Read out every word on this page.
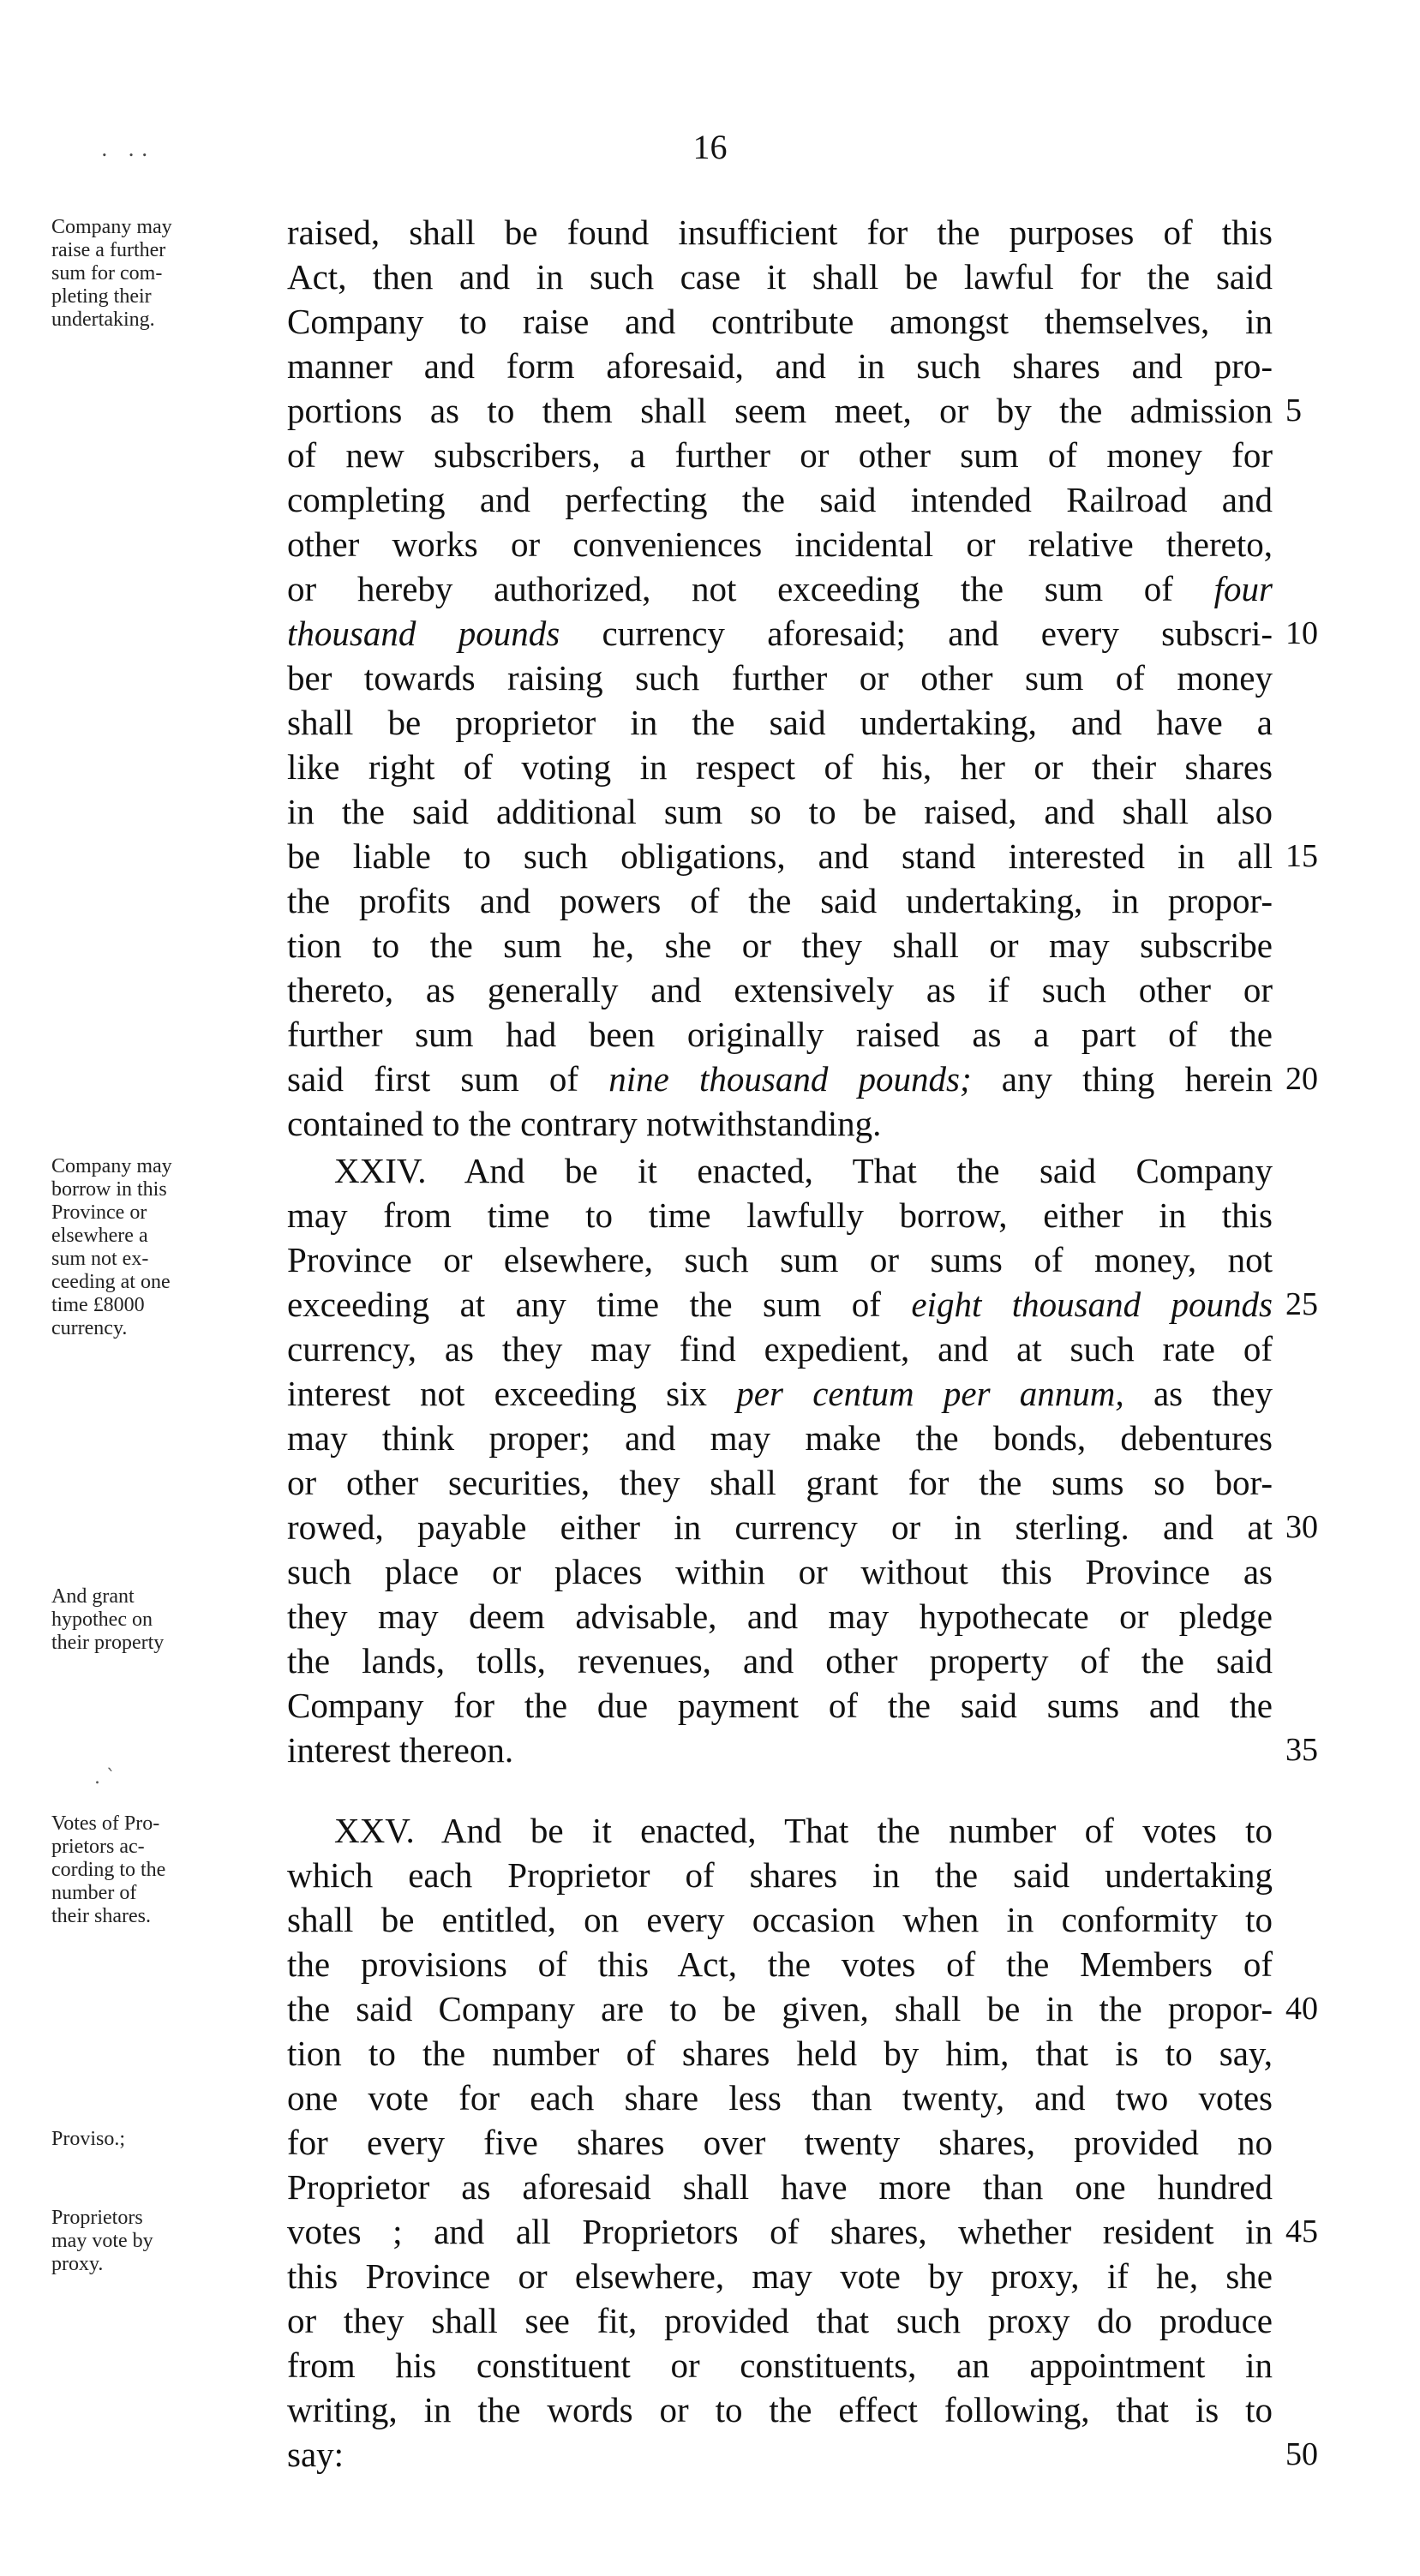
16
. ..
. `
Company may
raise a further
sum for com-
pleting their
undertaking.
Company may
borrow in this
Province or
elsewhere a
sum not ex-
ceeding at one
time £8000
currency.
And grant
hypothec on
their property
Votes of Pro-
prietors ac-
cording to the
number of
their shares.
Proviso.;
Proprietors
may vote by
proxy.
raised, shall be found insufficient for the purposes of this
Act, then and in such case it shall be lawful for the said
Company to raise and contribute amongst themselves, in
manner and form aforesaid, and in such shares and pro-
portions as to them shall seem meet, or by the admission 5
of new subscribers, a further or other sum of money for
completing and perfecting the said intended Railroad and
other works or conveniences incidental or relative thereto,
or hereby authorized, not exceeding the sum of four
thousand pounds currency aforesaid; and every subscri- 10
ber towards raising such further or other sum of money
shall be proprietor in the said undertaking, and have a
like right of voting in respect of his, her or their shares
in the said additional sum so to be raised, and shall also
be liable to such obligations, and stand interested in all 15
the profits and powers of the said undertaking, in propor-
tion to the sum he, she or they shall or may subscribe
thereto, as generally and extensively as if such other or
further sum had been originally raised as a part of the
said first sum of nine thousand pounds; any thing herein 20
contained to the contrary notwithstanding.
XXIV. And be it enacted, That the said Company
may from time to time lawfully borrow, either in this
Province or elsewhere, such sum or sums of money, not
exceeding at any time the sum of eight thousand pounds 25
currency, as they may find expedient, and at such rate of
interest not exceeding six per centum per annum, as they
may think proper; and may make the bonds, debentures
or other securities, they shall grant for the sums so bor-
rowed, payable either in currency or in sterling. and at 30
such place or places within or without this Province as
they may deem advisable, and may hypothecate or pledge
the lands, tolls, revenues, and other property of the said
Company for the due payment of the said sums and the
interest thereon.	35
XXV. And be it enacted, That the number of votes to
which each Proprietor of shares in the said undertaking
shall be entitled, on every occasion when in conformity to
the provisions of this Act, the votes of the Members of
the said Company are to be given, shall be in the propor- 40
tion to the number of shares held by him, that is to say,
one vote for each share less than twenty, and two votes
for every five shares over twenty shares, provided no
Proprietor as aforesaid shall have more than one hundred
votes ; and all Proprietors of shares, whether resident in 45
this Province or elsewhere, may vote by proxy, if he, she
or they shall see fit, provided that such proxy do produce
from his constituent or constituents, an appointment in
writing, in the words or to the effect following, that is to
say:	50
